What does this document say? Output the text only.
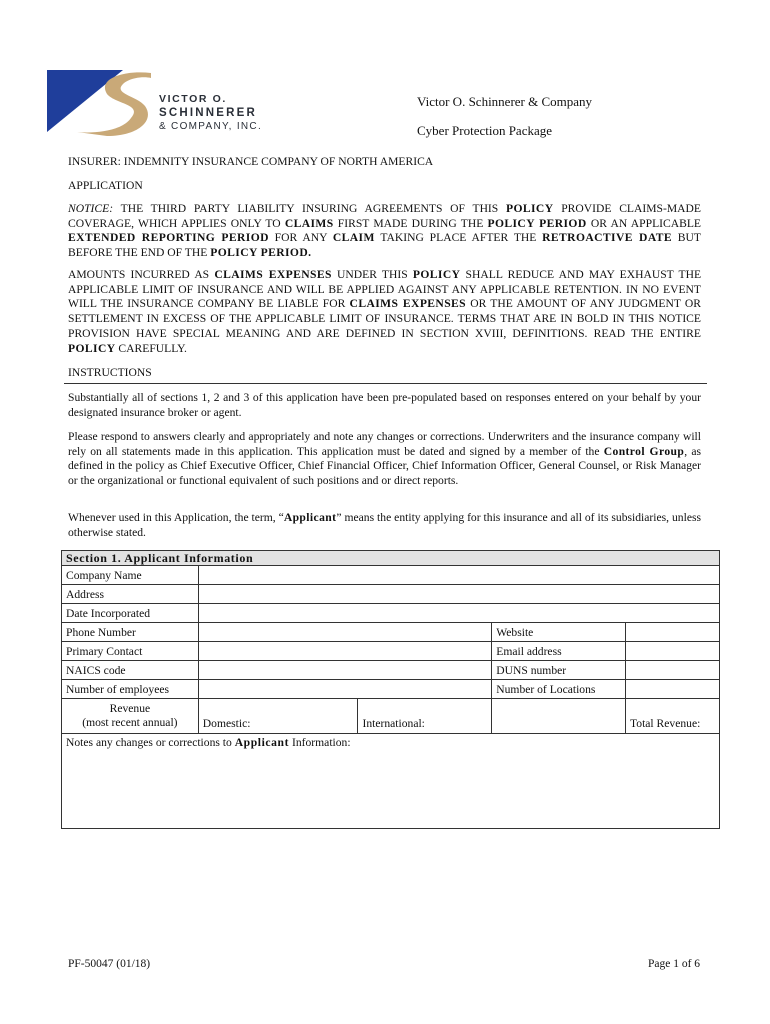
VICTOR O.
SCHINNERER
& COMPANY, INC.
Victor O. Schinnerer & Company
Cyber Protection Package
INSURER: INDEMNITY INSURANCE COMPANY OF NORTH AMERICA
APPLICATION
NOTICE: THE THIRD PARTY LIABILITY INSURING AGREEMENTS OF THIS POLICY PROVIDE CLAIMS-MADE COVERAGE, WHICH APPLIES ONLY TO CLAIMS FIRST MADE DURING THE POLICY PERIOD OR AN APPLICABLE EXTENDED REPORTING PERIOD FOR ANY CLAIM TAKING PLACE AFTER THE RETROACTIVE DATE BUT BEFORE THE END OF THE POLICY PERIOD.
AMOUNTS INCURRED AS CLAIMS EXPENSES UNDER THIS POLICY SHALL REDUCE AND MAY EXHAUST THE APPLICABLE LIMIT OF INSURANCE AND WILL BE APPLIED AGAINST ANY APPLICABLE RETENTION. IN NO EVENT WILL THE INSURANCE COMPANY BE LIABLE FOR CLAIMS EXPENSES OR THE AMOUNT OF ANY JUDGMENT OR SETTLEMENT IN EXCESS OF THE APPLICABLE LIMIT OF INSURANCE. TERMS THAT ARE IN BOLD IN THIS NOTICE PROVISION HAVE SPECIAL MEANING AND ARE DEFINED IN SECTION XVIII, DEFINITIONS. READ THE ENTIRE POLICY CAREFULLY.
INSTRUCTIONS
Substantially all of sections 1, 2 and 3 of this application have been pre-populated based on responses entered on your behalf by your designated insurance broker or agent.
Please respond to answers clearly and appropriately and note any changes or corrections. Underwriters and the insurance company will rely on all statements made in this application. This application must be dated and signed by a member of the Control Group, as defined in the policy as Chief Executive Officer, Chief Financial Officer, Chief Information Officer, General Counsel, or Risk Manager or the organizational or functional equivalent of such positions and or direct reports.
Whenever used in this Application, the term, “Applicant” means the entity applying for this insurance and all of its subsidiaries, unless otherwise stated.
Section 1. Applicant Information				
Company Name				
Address				
Date Incorporated				
Phone Number			Website	
Primary Contact			Email address	
NAICS code			DUNS number	
Number of employees			Number of Locations	

Revenue
(most recent annual)	Domestic:	International:		Total Revenue:
Notes any changes or corrections to Applicant Information:				
PF-50047 (01/18)	Page 1 of 6
